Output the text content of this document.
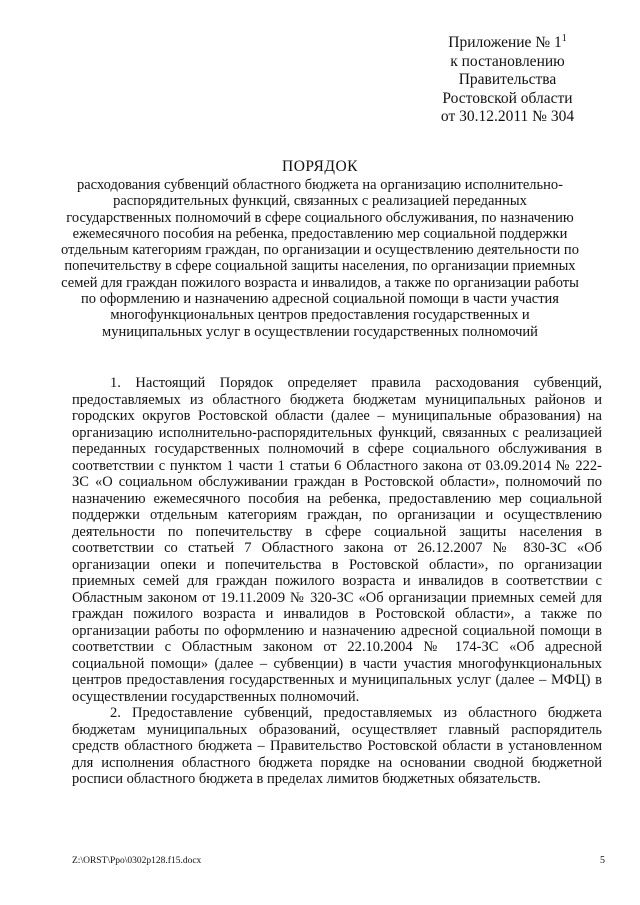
Приложение № $1^1$
к постановлению
Правительства
Ростовской области
от 30.12.2011 № 304
ПОРЯДОК
расходования субвенций областного бюджета на организацию исполнительно-распорядительных функций, связанных с реализацией переданных государственных полномочий в сфере социального обслуживания, по назначению ежемесячного пособия на ребенка, предоставлению мер социальной поддержки отдельным категориям граждан, по организации и осуществлению деятельности по попечительству в сфере социальной защиты населения, по организации приемных семей для граждан пожилого возраста и инвалидов, а также по организации работы по оформлению и назначению адресной социальной помощи в части участия многофункциональных центров предоставления государственных и муниципальных услуг в осуществлении государственных полномочий

1. Настоящий Порядок определяет правила расходования субвенций, предоставляемых из областного бюджета бюджетам муниципальных районов и городских округов Ростовской области (далее – муниципальные образования) на организацию исполнительно-распорядительных функций, связанных с реализацией переданных государственных полномочий в сфере социального обслуживания в соответствии с пунктом 1 части 1 статьи 6 Областного закона от 03.09.2014 № 222-ЗС «О социальном обслуживании граждан в Ростовской области», полномочий по назначению ежемесячного пособия на ребенка, предоставлению мер социальной поддержки отдельным категориям граждан, по организации и осуществлению деятельности по попечительству в сфере социальной защиты населения в соответствии со статьей 7 Областного закона от 26.12.2007 № 830-ЗС «Об организации опеки и попечительства в Ростовской области», по организации приемных семей для граждан пожилого возраста и инвалидов в соответствии с Областным законом от 19.11.2009 № 320-ЗС «Об организации приемных семей для граждан пожилого возраста и инвалидов в Ростовской области», а также по организации работы по оформлению и назначению адресной социальной помощи в соответствии с Областным законом от 22.10.2004 № 174-ЗС «Об адресной социальной помощи» (далее – субвенции) в части участия многофункциональных центров предоставления государственных и муниципальных услуг (далее – МФЦ) в осуществлении государственных полномочий.

2. Предоставление субвенций, предоставляемых из областного бюджета бюджетам муниципальных образований, осуществляет главный распорядитель средств областного бюджета – Правительство Ростовской области в установленном для исполнения областного бюджета порядке на основании сводной бюджетной росписи областного бюджета в пределах лимитов бюджетных обязательств.

Z:\ORST\Ppo\0302p128.f15.docx	5
